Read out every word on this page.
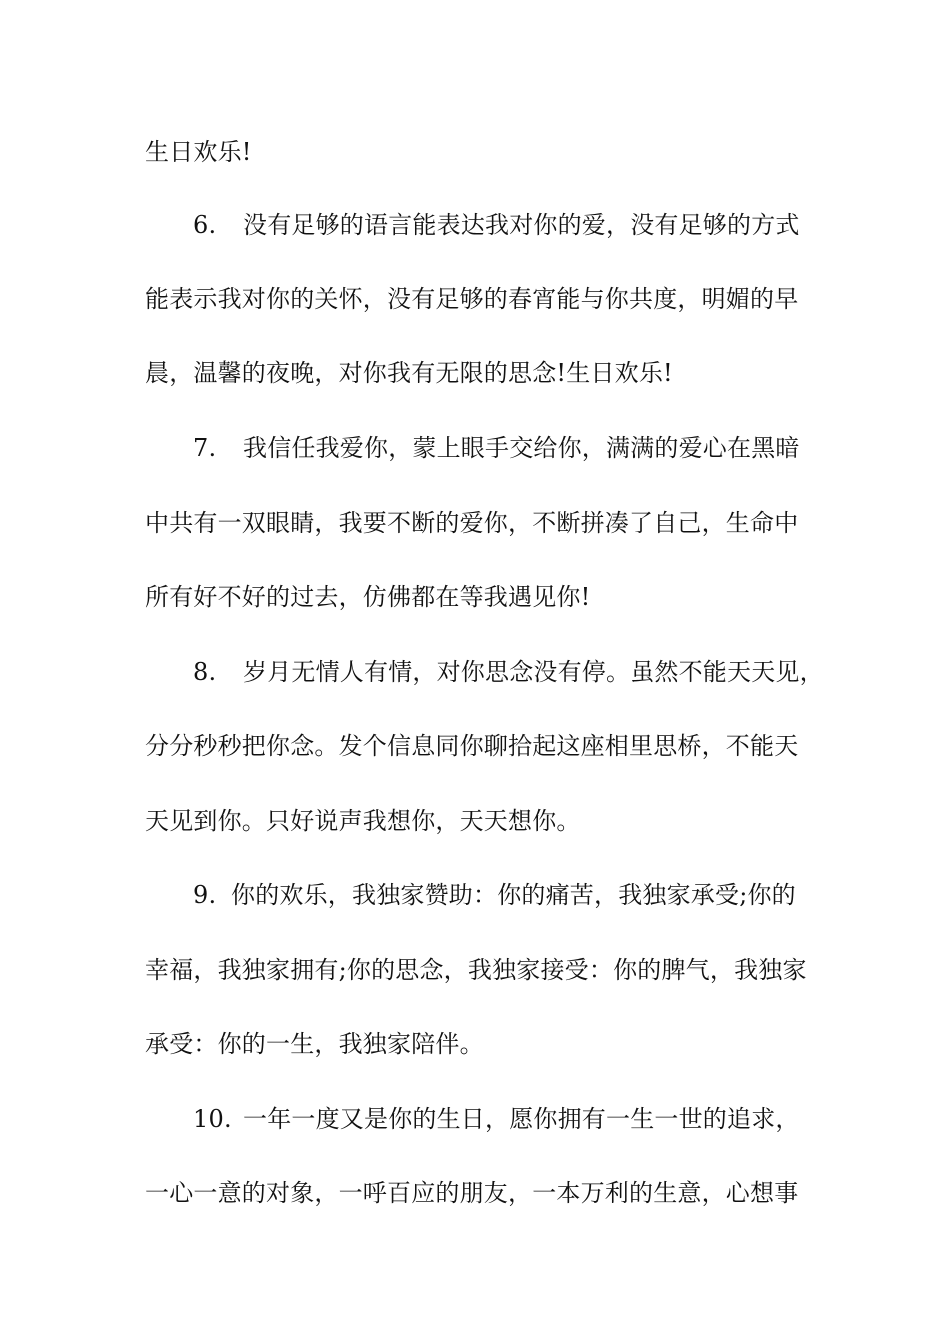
生日欢乐!
6. 没有足够的语言能表达我对你的爱，没有足够的方式
能表示我对你的关怀，没有足够的春宵能与你共度，明媚的早
晨，温馨的夜晚，对你我有无限的思念!生日欢乐!
7. 我信任我爱你，蒙上眼手交给你，满满的爱心在黑暗
中共有一双眼睛，我要不断的爱你，不断拼凑了自己，生命中
所有好不好的过去，仿佛都在等我遇见你!
8. 岁月无情人有情，对你思念没有停。虽然不能天天见，
分分秒秒把你念。发个信息同你聊拾起这座相里思桥，不能天
天见到你。只好说声我想你，天天想你。
9. 你的欢乐，我独家赞助：你的痛苦，我独家承受;你的
幸福，我独家拥有;你的思念，我独家接受：你的脾气，我独家
承受：你的一生，我独家陪伴。
10. 一年一度又是你的生日，愿你拥有一生一世的追求，
一心一意的对象，一呼百应的朋友，一本万利的生意，心想事
